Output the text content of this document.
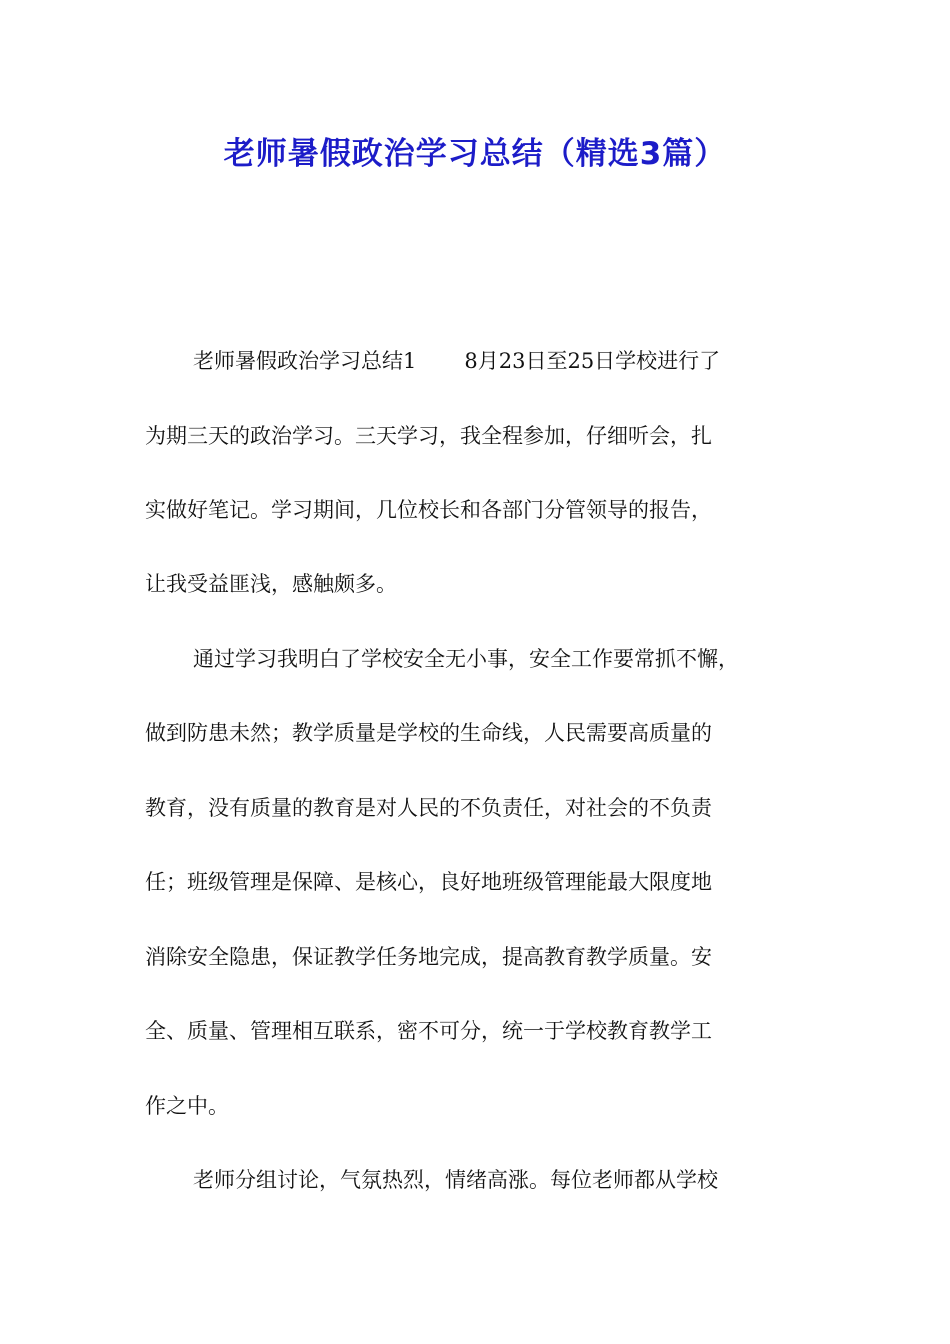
老师暑假政治学习总结（精选3篇）

老师暑假政治学习总结1 8月23日至25日学校进行了

为期三天的政治学习。三天学习，我全程参加，仔细听会，扎

实做好笔记。学习期间，几位校长和各部门分管领导的报告，

让我受益匪浅，感触颇多。

通过学习我明白了学校安全无小事，安全工作要常抓不懈，

做到防患未然；教学质量是学校的生命线，人民需要高质量的

教育，没有质量的教育是对人民的不负责任，对社会的不负责

任；班级管理是保障、是核心，良好地班级管理能最大限度地

消除安全隐患，保证教学任务地完成，提高教育教学质量。安

全、质量、管理相互联系，密不可分，统一于学校教育教学工

作之中。

老师分组讨论，气氛热烈，情绪高涨。每位老师都从学校
